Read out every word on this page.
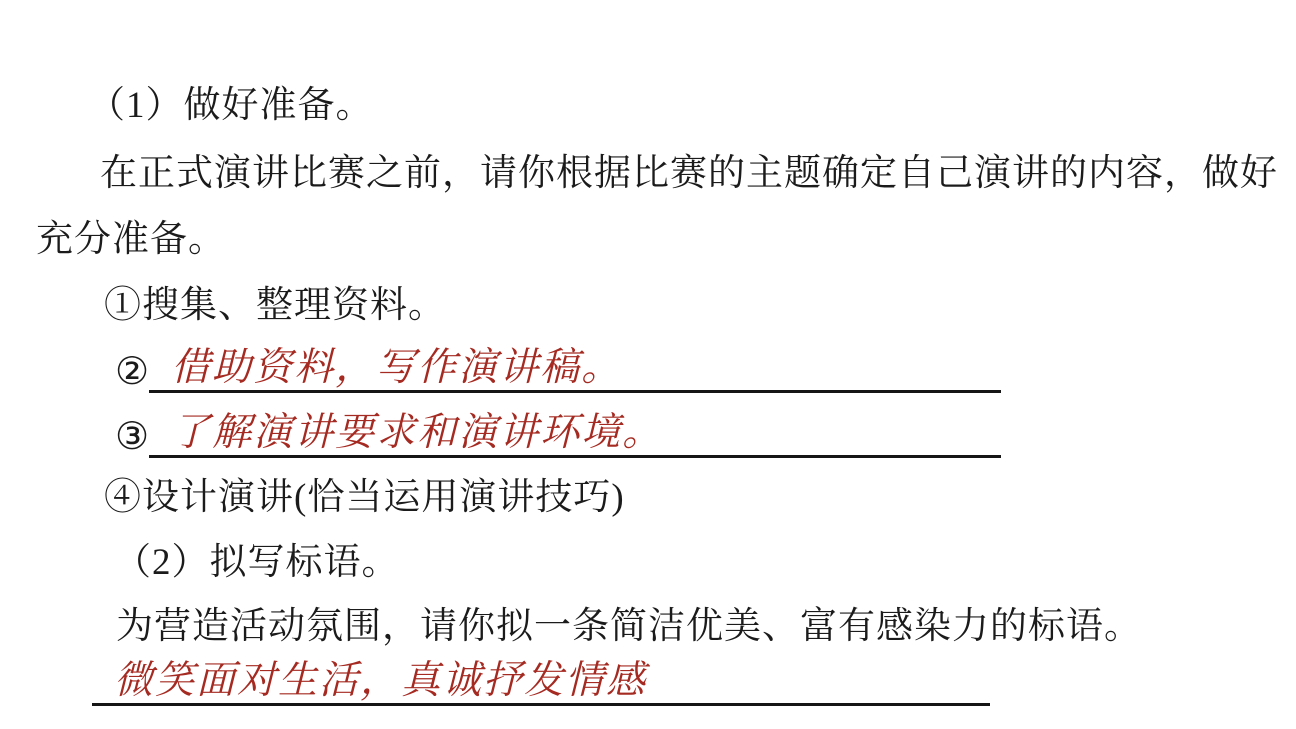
（1）做好准备。
在正式演讲比赛之前，请你根据比赛的主题确定自己演讲的内容，做好
充分准备。
①搜集、整理资料。
② 借助资料，写作演讲稿。
③ 了解演讲要求和演讲环境。
④设计演讲(恰当运用演讲技巧)
（2）拟写标语。
为营造活动氛围，请你拟一条简洁优美、富有感染力的标语。
微笑面对生活，真诚抒发情感
